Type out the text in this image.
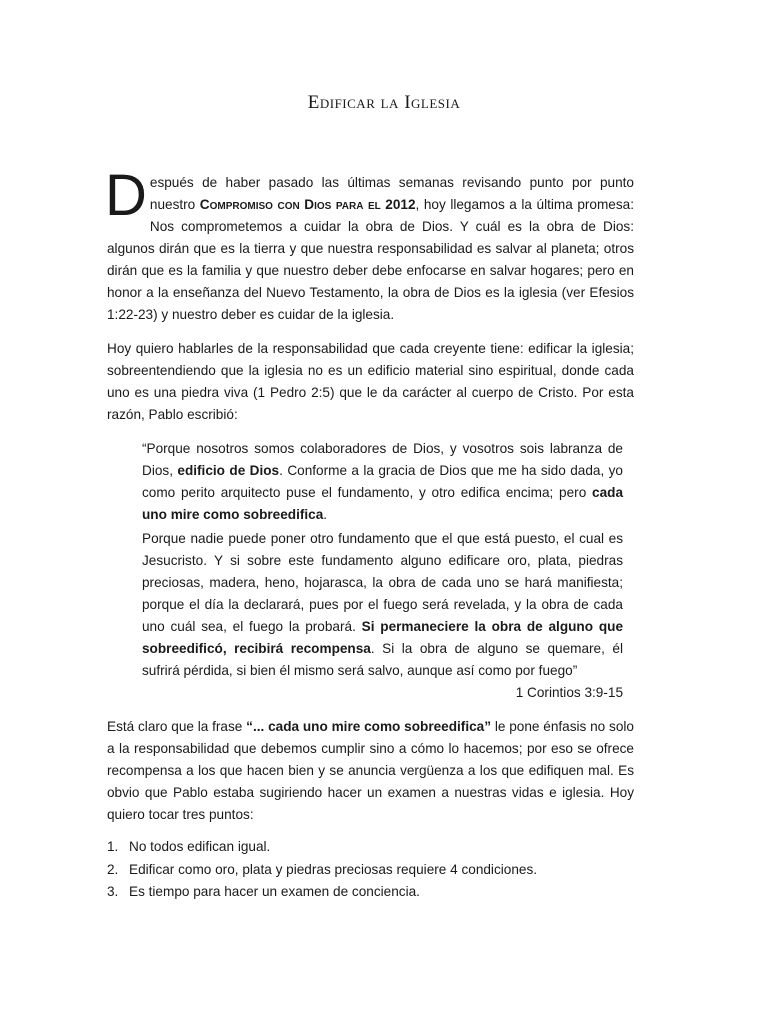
Edificar la Iglesia
Después de haber pasado las últimas semanas revisando punto por punto nuestro Compromiso con Dios para el 2012, hoy llegamos a la última promesa: Nos comprometemos a cuidar la obra de Dios. Y cuál es la obra de Dios: algunos dirán que es la tierra y que nuestra responsabilidad es salvar al planeta; otros dirán que es la familia y que nuestro deber debe enfocarse en salvar hogares; pero en honor a la enseñanza del Nuevo Testamento, la obra de Dios es la iglesia (ver Efesios 1:22-23) y nuestro deber es cuidar de la iglesia.
Hoy quiero hablarles de la responsabilidad que cada creyente tiene: edificar la iglesia; sobreentendiendo que la iglesia no es un edificio material sino espiritual, donde cada uno es una piedra viva (1 Pedro 2:5) que le da carácter al cuerpo de Cristo. Por esta razón, Pablo escribió:
“Porque nosotros somos colaboradores de Dios, y vosotros sois labranza de Dios, edificio de Dios. Conforme a la gracia de Dios que me ha sido dada, yo como perito arquitecto puse el fundamento, y otro edifica encima; pero cada uno mire como sobreedifica.
Porque nadie puede poner otro fundamento que el que está puesto, el cual es Jesucristo. Y si sobre este fundamento alguno edificare oro, plata, piedras preciosas, madera, heno, hojarasca, la obra de cada uno se hará manifiesta; porque el día la declarará, pues por el fuego será revelada, y la obra de cada uno cuál sea, el fuego la probará. Si permaneciere la obra de alguno que sobreedificó, recibirá recompensa. Si la obra de alguno se quemare, él sufrirá pérdida, si bien él mismo será salvo, aunque así como por fuego”
1 Corintios 3:9-15
Está claro que la frase “... cada uno mire como sobreedifica” le pone énfasis no solo a la responsabilidad que debemos cumplir sino a cómo lo hacemos; por eso se ofrece recompensa a los que hacen bien y se anuncia vergüenza a los que edifiquen mal. Es obvio que Pablo estaba sugiriendo hacer un examen a nuestras vidas e iglesia. Hoy quiero tocar tres puntos:
1. No todos edifican igual.
2. Edificar como oro, plata y piedras preciosas requiere 4 condiciones.
3. Es tiempo para hacer un examen de conciencia.
